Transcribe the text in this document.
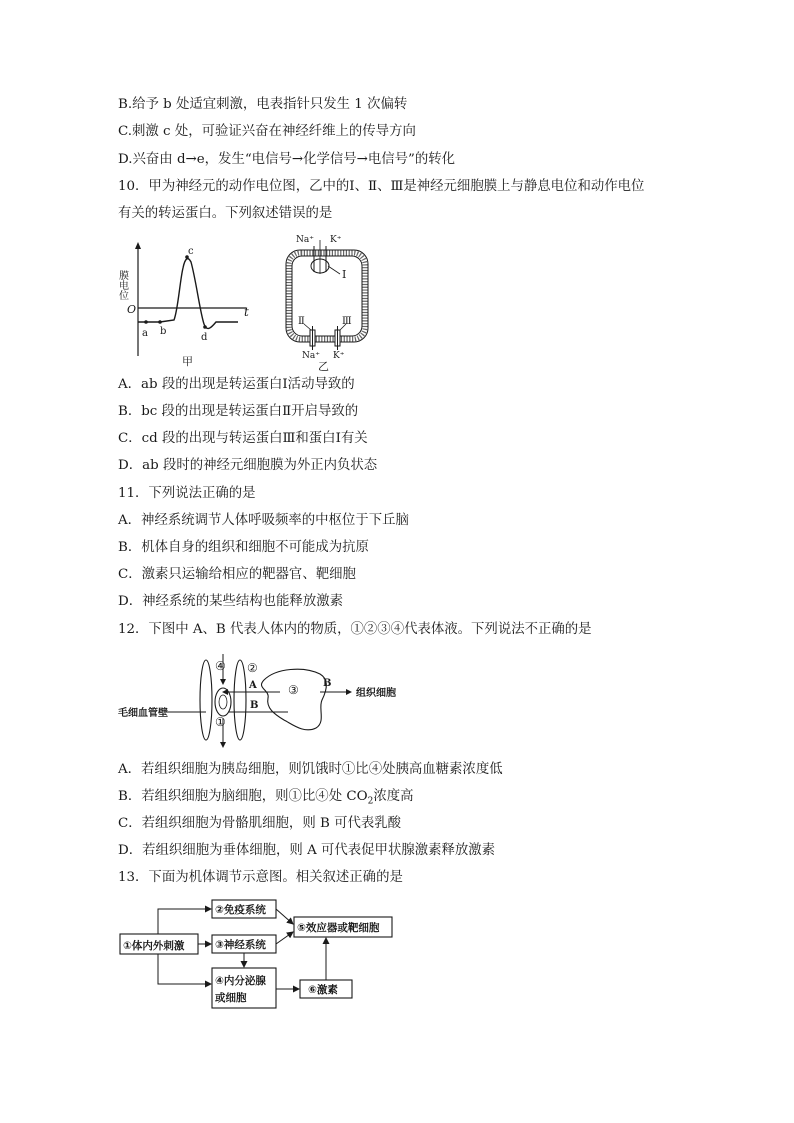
B.给予 b 处适宜刺激，电表指针只发生 1 次偏转
C.刺激 c 处，可验证兴奋在神经纤维上的传导方向
D.兴奋由 d→e，发生“电信号→化学信号→电信号”的转化
10．甲为神经元的动作电位图，乙中的Ⅰ、Ⅱ、Ⅲ是神经元细胞膜上与静息电位和动作电位
有关的转运蛋白。下列叙述错误的是
膜电位
O	t
a b
c
d
甲
Na⁺ K⁺
Ⅰ
Ⅱ	Ⅲ
Na⁺ K⁺
乙
A．ab 段的出现是转运蛋白Ⅰ活动导致的
B．bc 段的出现是转运蛋白Ⅱ开启导致的
C．cd 段的出现与转运蛋白Ⅲ和蛋白Ⅰ有关
D．ab 段时的神经元细胞膜为外正内负状态
11．下列说法正确的是
A．神经系统调节人体呼吸频率的中枢位于下丘脑
B．机体自身的组织和细胞不可能成为抗原
C．激素只运输给相应的靶器官、靶细胞
D．神经系统的某些结构也能释放激素
12．下图中 A、B 代表人体内的物质，①②③④代表体液。下列说法不正确的是
④ ②
A	③
B
B
①
毛细血管壁
组织细胞
A．若组织细胞为胰岛细胞，则饥饿时①比④处胰高血糖素浓度低
B．若组织细胞为脑细胞，则①比④处 $CO_2$浓度高
C．若组织细胞为骨骼肌细胞，则 B 可代表乳酸
D．若组织细胞为垂体细胞，则 A 可代表促甲状腺激素释放激素
13．下面为机体调节示意图。相关叙述正确的是
①体内外刺激
②免疫系统
③神经系统
④内分泌腺
或细胞
⑤效应器或靶细胞
⑥激素
